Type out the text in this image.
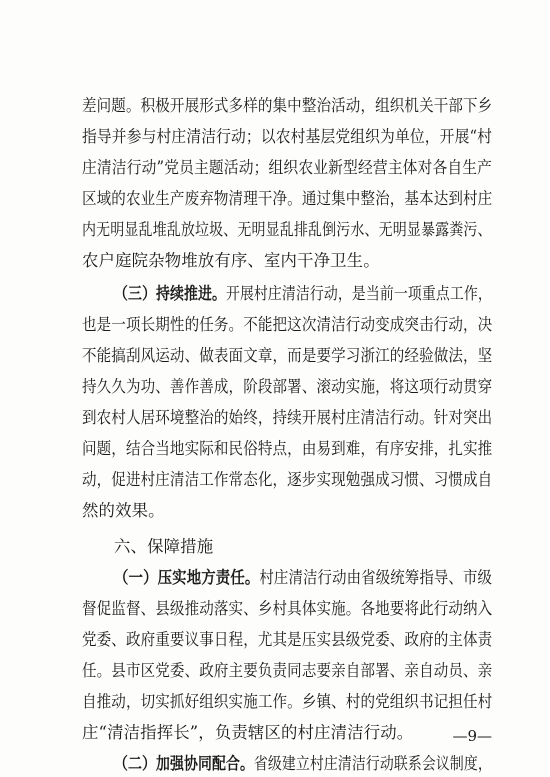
差问题。积极开展形式多样的集中整治活动，组织机关干部下乡
指导并参与村庄清洁行动；以农村基层党组织为单位，开展“村
庄清洁行动”党员主题活动；组织农业新型经营主体对各自生产
区域的农业生产废弃物清理干净。通过集中整治，基本达到村庄
内无明显乱堆乱放垃圾、无明显乱排乱倒污水、无明显暴露粪污、
农户庭院杂物堆放有序、室内干净卫生。
（三）持续推进。开展村庄清洁行动，是当前一项重点工作，
也是一项长期性的任务。不能把这次清洁行动变成突击行动，决
不能搞刮风运动、做表面文章，而是要学习浙江的经验做法，坚
持久久为功、善作善成，阶段部署、滚动实施，将这项行动贯穿
到农村人居环境整治的始终，持续开展村庄清洁行动。针对突出
问题，结合当地实际和民俗特点，由易到难，有序安排，扎实推
动，促进村庄清洁工作常态化，逐步实现勉强成习惯、习惯成自
然的效果。
六、保障措施
（一）压实地方责任。村庄清洁行动由省级统筹指导、市级
督促监督、县级推动落实、乡村具体实施。各地要将此行动纳入
党委、政府重要议事日程，尤其是压实县级党委、政府的主体责
任。县市区党委、政府主要负责同志要亲自部署、亲自动员、亲
自推动，切实抓好组织实施工作。乡镇、村的党组织书记担任村
庄“清洁指挥长”，负责辖区的村庄清洁行动。
（二）加强协同配合。省级建立村庄清洁行动联系会议制度，
—9—
